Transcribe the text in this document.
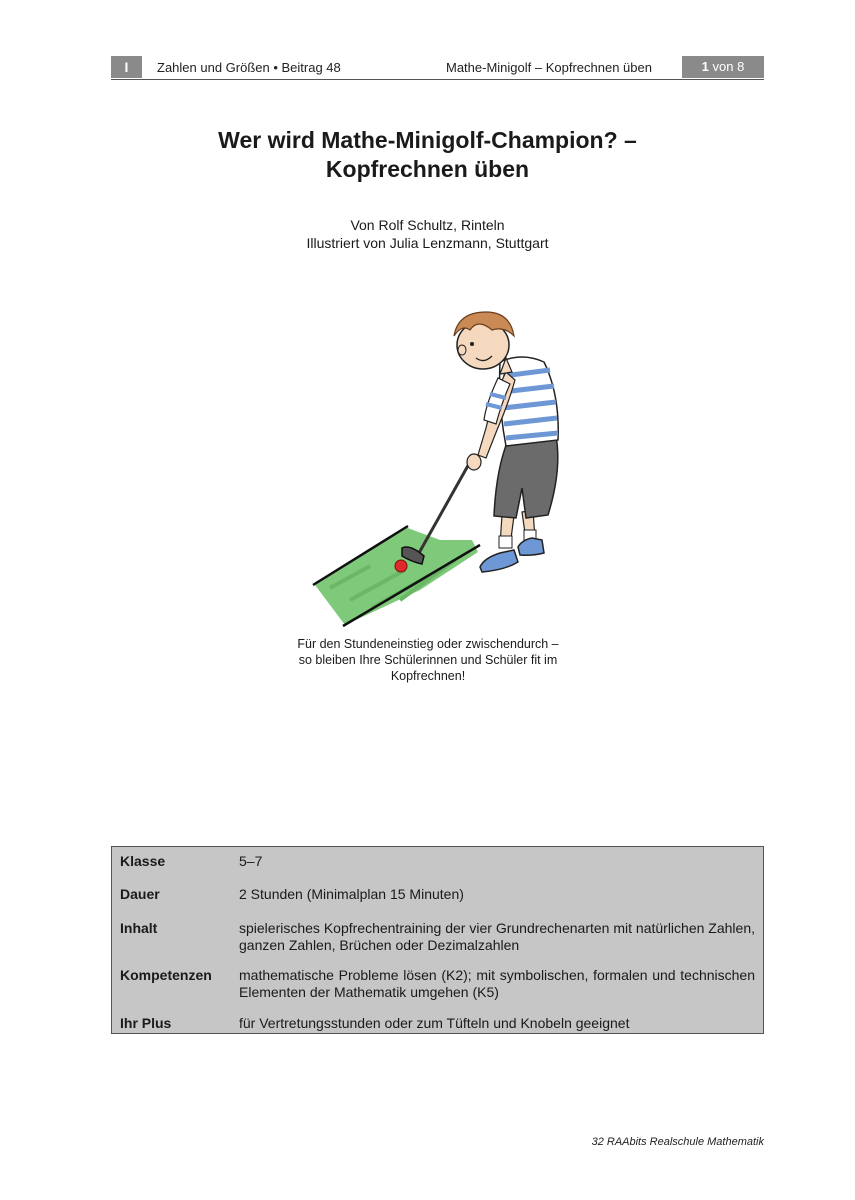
I	Zahlen und Größen • Beitrag 48	Mathe-Minigolf – Kopfrechnen üben	1 von 8
Wer wird Mathe-Minigolf-Champion? –
Kopfrechnen üben
Von Rolf Schultz, Rinteln
Illustriert von Julia Lenzmann, Stuttgart
Für den Stundeneinstieg oder zwischendurch –
so bleiben Ihre Schülerinnen und Schüler fit im
Kopfrechnen!
Klasse	5–7
Dauer	2 Stunden (Minimalplan 15 Minuten)
Inhalt	spielerisches Kopfrechentraining der vier Grundrechenarten mit natürlichen Zahlen, ganzen Zahlen, Brüchen oder Dezimalzahlen
Kompetenzen	mathematische Probleme lösen (K2); mit symbolischen, formalen und technischen Elementen der Mathematik umgehen (K5)
Ihr Plus	für Vertretungsstunden oder zum Tüfteln und Knobeln geeignet
32 RAAbits Realschule Mathematik
